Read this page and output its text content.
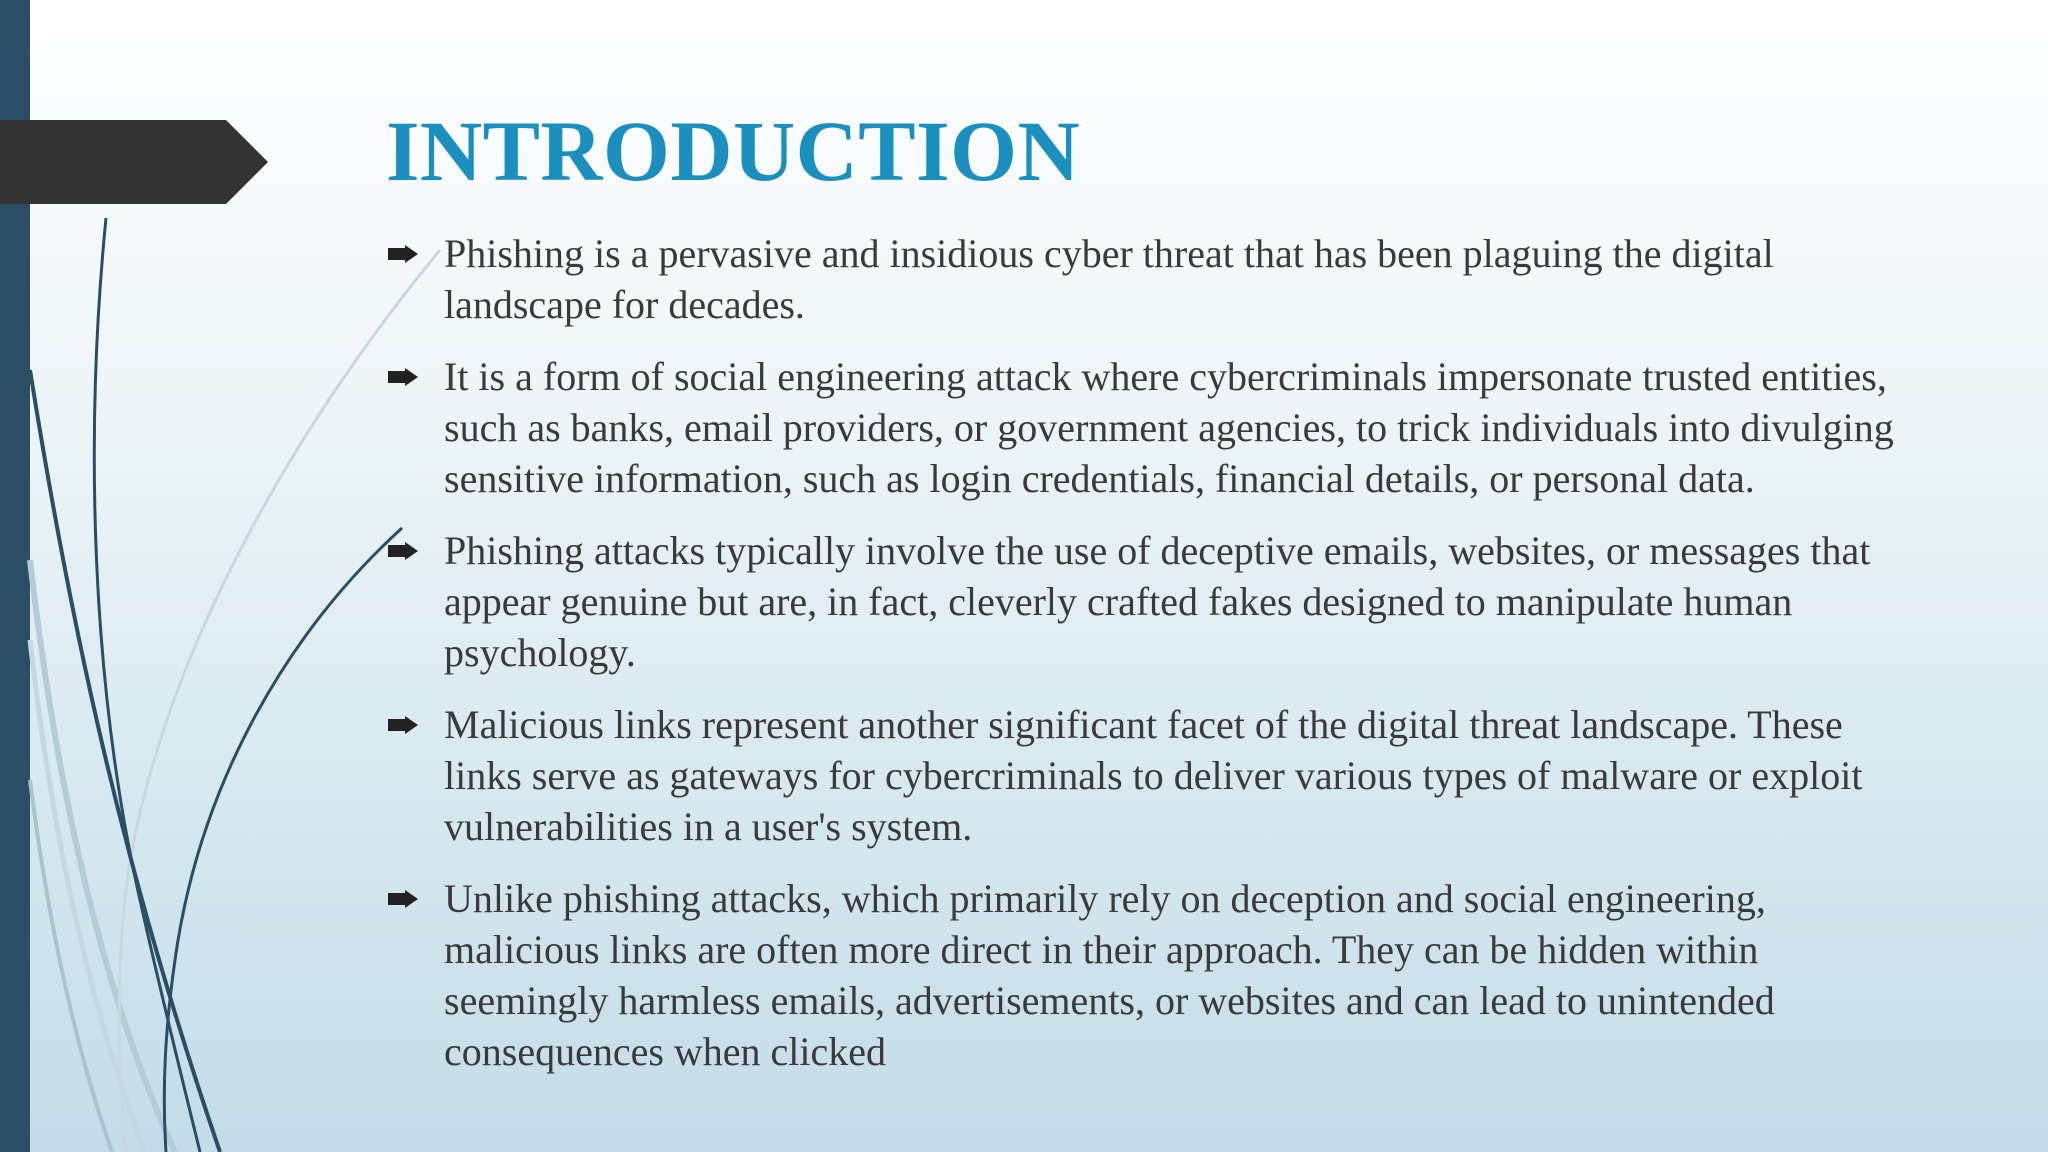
INTRODUCTION
Phishing is a pervasive and insidious cyber threat that has been plaguing the digital landscape for decades.
It is a form of social engineering attack where cybercriminals impersonate trusted entities, such as banks, email providers, or government agencies, to trick individuals into divulging sensitive information, such as login credentials, financial details, or personal data.
Phishing attacks typically involve the use of deceptive emails, websites, or messages that appear genuine but are, in fact, cleverly crafted fakes designed to manipulate human psychology.
Malicious links represent another significant facet of the digital threat landscape. These links serve as gateways for cybercriminals to deliver various types of malware or exploit vulnerabilities in a user's system.
Unlike phishing attacks, which primarily rely on deception and social engineering, malicious links are often more direct in their approach. They can be hidden within seemingly harmless emails, advertisements, or websites and can lead to unintended consequences when clicked
